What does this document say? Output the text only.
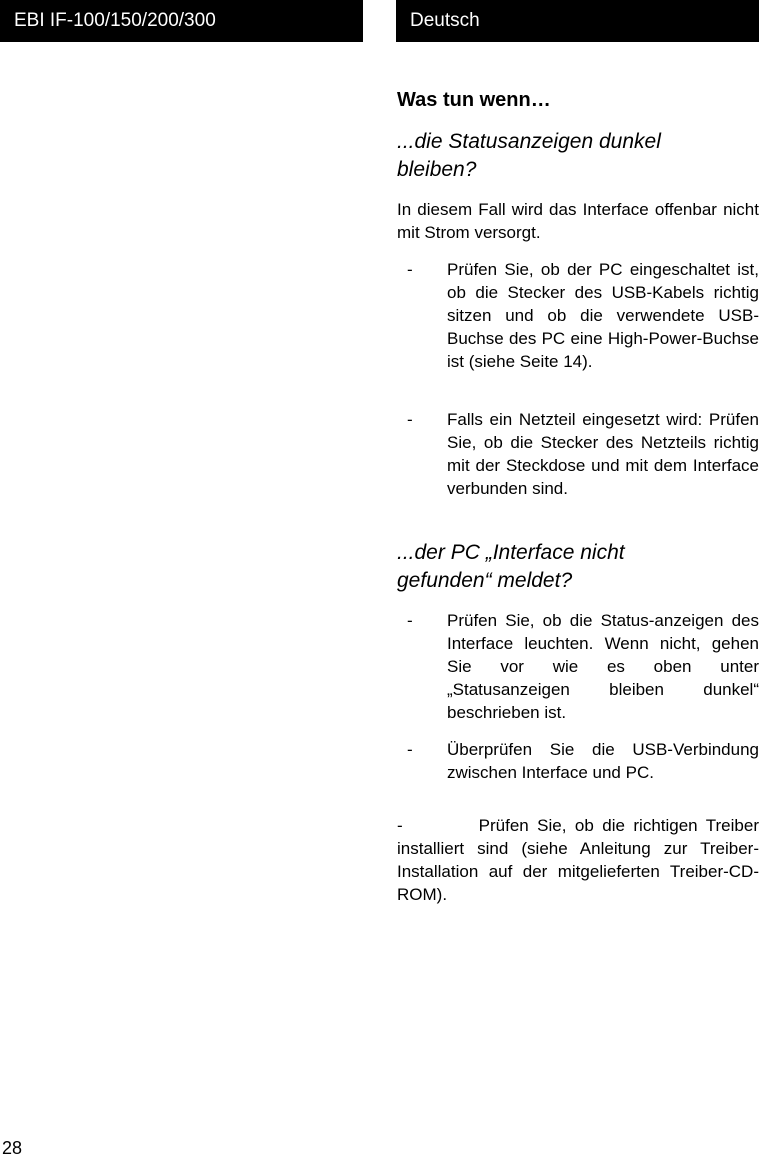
EBI IF-100/150/200/300	Deutsch
Was tun wenn…
...die Statusanzeigen dunkel bleiben?

In diesem Fall wird das Interface offenbar nicht mit Strom versorgt.

- Prüfen Sie, ob der PC eingeschaltet ist, ob die Stecker des USB-Kabels richtig sitzen und ob die verwendete USB-Buchse des PC eine High-Power-Buchse ist (siehe Seite 14).
- Falls ein Netzteil eingesetzt wird: Prüfen Sie, ob die Stecker des Netzteils richtig mit der Steckdose und mit dem Interface verbunden sind.
...der PC „Interface nicht gefunden“ meldet?
- Prüfen Sie, ob die Status-anzeigen des Interface leuchten. Wenn nicht, gehen Sie vor wie es oben unter „Statusanzeigen bleiben dunkel“ beschrieben ist.
- Überprüfen Sie die USB-Verbindung zwischen Interface und PC.

-         Prüfen Sie, ob die richtigen Treiber installiert sind (siehe Anleitung zur Treiber-Installation auf der mitgelieferten Treiber-CD-ROM).

28
